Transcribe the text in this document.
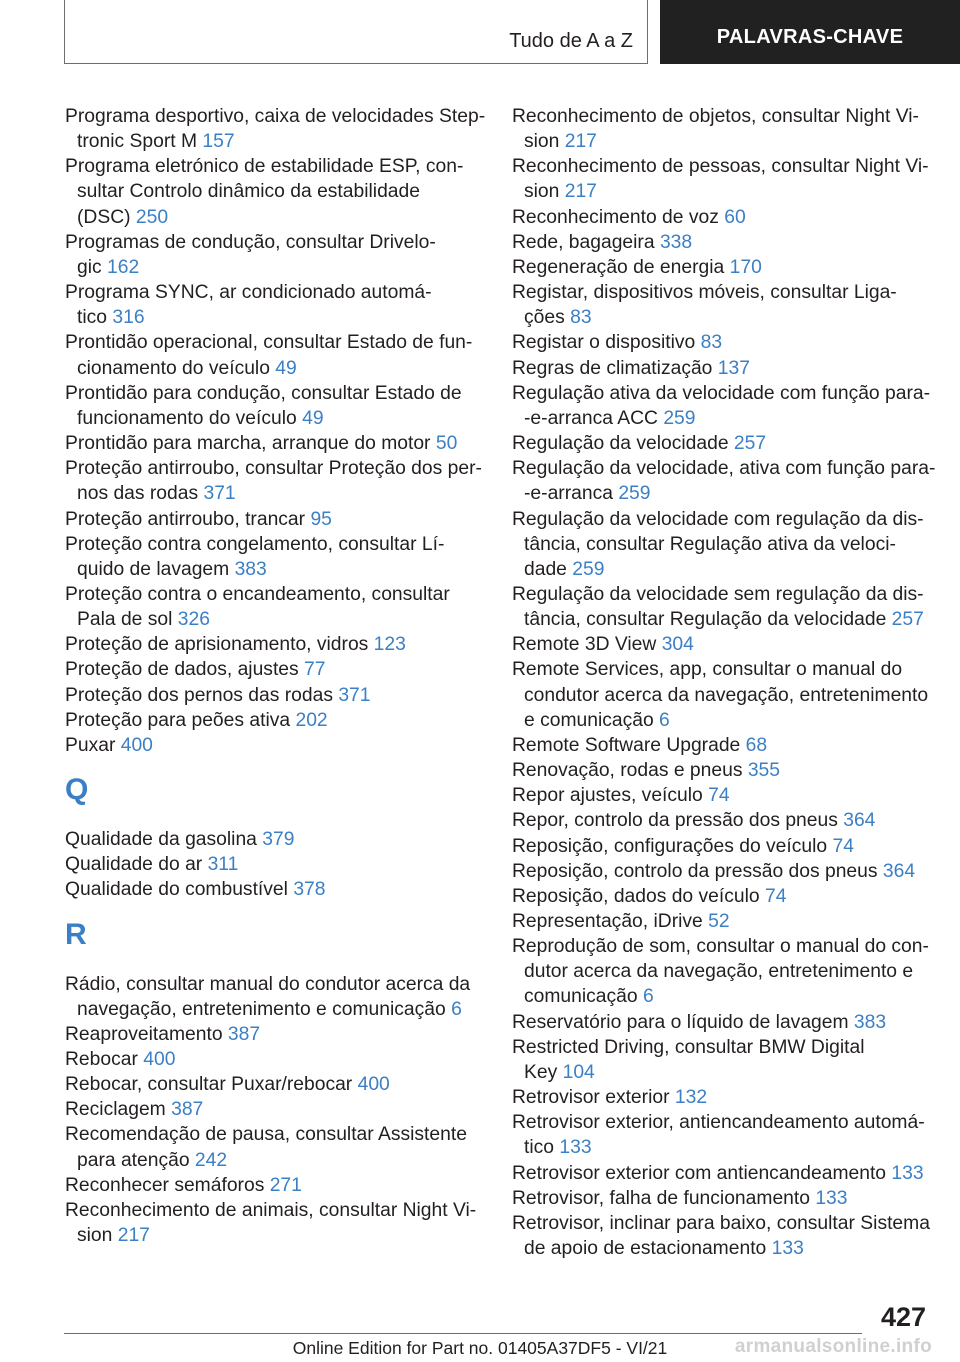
Tudo de A a Z	PALAVRAS-CHAVE
Programa desportivo, caixa de velocidades Step‐
tronic Sport M 157
Programa eletrónico de estabilidade ESP, con‐
sultar Controlo dinâmico da estabilidade
(DSC) 250
Programas de condução, consultar Drivelo‐
gic 162
Programa SYNC, ar condicionado automá‐
tico 316
Prontidão operacional, consultar Estado de fun‐
cionamento do veículo 49
Prontidão para condução, consultar Estado de
funcionamento do veículo 49
Prontidão para marcha, arranque do motor 50
Proteção antirroubo, consultar Proteção dos per‐
nos das rodas 371
Proteção antirroubo, trancar 95
Proteção contra congelamento, consultar Lí‐
quido de lavagem 383
Proteção contra o encandeamento, consultar
Pala de sol 326
Proteção de aprisionamento, vidros 123
Proteção de dados, ajustes 77
Proteção dos pernos das rodas 371
Proteção para peões ativa 202
Puxar 400
Q
Qualidade da gasolina 379
Qualidade do ar 311
Qualidade do combustível 378
R
Rádio, consultar manual do condutor acerca da
navegação, entretenimento e comunicação 6
Reaproveitamento 387
Rebocar 400
Rebocar, consultar Puxar/rebocar 400
Reciclagem 387
Recomendação de pausa, consultar Assistente
para atenção 242
Reconhecer semáforos 271
Reconhecimento de animais, consultar Night Vi‐
sion 217
Reconhecimento de objetos, consultar Night Vi‐
sion 217
Reconhecimento de pessoas, consultar Night Vi‐
sion 217
Reconhecimento de voz 60
Rede, bagageira 338
Regeneração de energia 170
Registar, dispositivos móveis, consultar Liga‐
ções 83
Registar o dispositivo 83
Regras de climatização 137
Regulação ativa da velocidade com função para‐
-e-arranca ACC 259
Regulação da velocidade 257
Regulação da velocidade, ativa com função para‐
-e-arranca 259
Regulação da velocidade com regulação da dis‐
tância, consultar Regulação ativa da veloci‐
dade 259
Regulação da velocidade sem regulação da dis‐
tância, consultar Regulação da velocidade 257
Remote 3D View 304
Remote Services, app, consultar o manual do
condutor acerca da navegação, entretenimento
e comunicação 6
Remote Software Upgrade 68
Renovação, rodas e pneus 355
Repor ajustes, veículo 74
Repor, controlo da pressão dos pneus 364
Reposição, configurações do veículo 74
Reposição, controlo da pressão dos pneus 364
Reposição, dados do veículo 74
Representação, iDrive 52
Reprodução de som, consultar o manual do con‐
dutor acerca da navegação, entretenimento e
comunicação 6
Reservatório para o líquido de lavagem 383
Restricted Driving, consultar BMW Digital
Key 104
Retrovisor exterior 132
Retrovisor exterior, antiencandeamento automá‐
tico 133
Retrovisor exterior com antiencandeamento 133
Retrovisor, falha de funcionamento 133
Retrovisor, inclinar para baixo, consultar Sistema
de apoio de estacionamento 133
427
Online Edition for Part no. 01405A37DF5 - VI/21	armanualsonline.info
